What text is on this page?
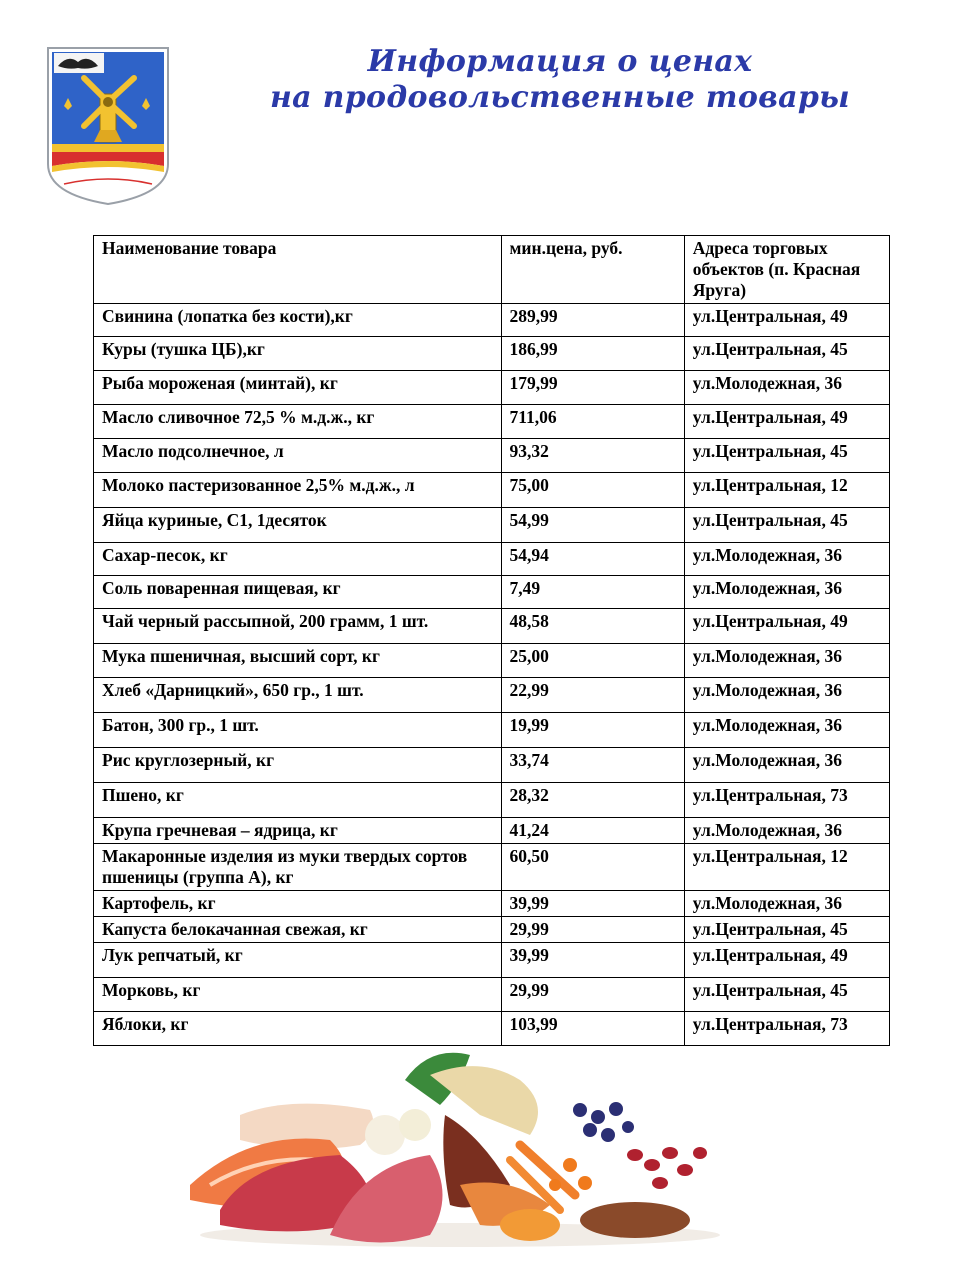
Информация о ценах
на продовольственные товары
Наименование товара	мин.цена, руб.	Адреса торговых объектов (п. Красная Яруга)
Свинина (лопатка без кости),кг	289,99	ул.Центральная, 49
Куры (тушка ЦБ),кг	186,99	ул.Центральная, 45
Рыба мороженая (минтай), кг	179,99	ул.Молодежная, 36
Масло сливочное 72,5 % м.д.ж., кг	711,06	ул.Центральная, 49
Масло подсолнечное, л	93,32	ул.Центральная, 45
Молоко пастеризованное 2,5% м.д.ж., л	75,00	ул.Центральная, 12
Яйца куриные, С1, 1десяток	54,99	ул.Центральная, 45
Сахар-песок, кг	54,94	ул.Молодежная, 36
Соль поваренная пищевая, кг	7,49	ул.Молодежная, 36
Чай черный рассыпной, 200 грамм, 1 шт.	48,58	ул.Центральная, 49
Мука пшеничная, высший сорт, кг	25,00	ул.Молодежная, 36
Хлеб «Дарницкий», 650 гр., 1 шт.	22,99	ул.Молодежная, 36
Батон, 300 гр., 1 шт.	19,99	ул.Молодежная, 36
Рис круглозерный, кг	33,74	ул.Молодежная, 36
Пшено, кг	28,32	ул.Центральная, 73
Крупа гречневая – ядрица, кг	41,24	ул.Молодежная, 36
Макаронные изделия из муки твердых сортов пшеницы (группа А), кг	60,50	ул.Центральная, 12
Картофель, кг	39,99	ул.Молодежная, 36
Капуста белокачанная свежая, кг	29,99	ул.Центральная, 45
Лук репчатый, кг	39,99	ул.Центральная, 49
Морковь, кг	29,99	ул.Центральная, 45
Яблоки, кг	103,99	ул.Центральная, 73
